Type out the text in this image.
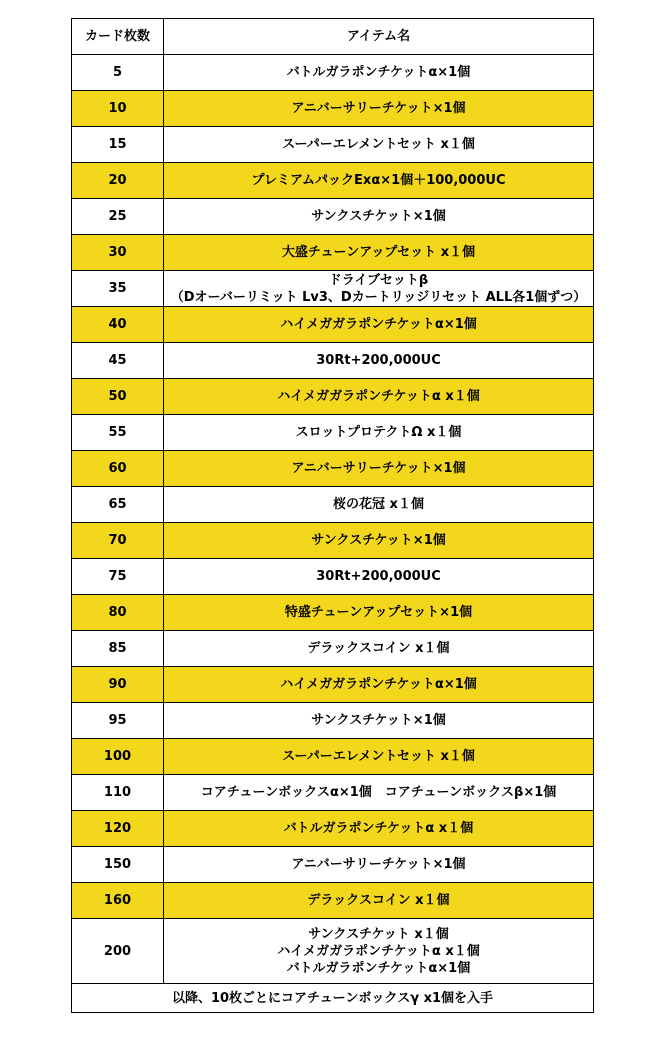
カード枚数	アイテム名
5	バトルガラポンチケットα×1個

10	アニバーサリーチケット×1個

15	スーパーエレメントセット x１個

20	プレミアムパックExα×1個＋100,000UC

25	サンクスチケット×1個

30	大盛チューンアップセット x１個

35	ドライブセットβ
（Dオーバーリミット Lv3、Dカートリッジリセット ALL各1個ずつ）

40	ハイメガガラポンチケットα×1個

45	30Rt+200,000UC

50	ハイメガガラポンチケットα x１個

55	スロットプロテクトΩ x１個

60	アニバーサリーチケット×1個

65	桜の花冠 x１個

70	サンクスチケット×1個

75	30Rt+200,000UC

80	特盛チューンアップセット×1個

85	デラックスコイン x１個

90	ハイメガガラポンチケットα×1個

95	サンクスチケット×1個

100	スーパーエレメントセット x１個

110	コアチューンボックスα×1個　コアチューンボックスβ×1個

120	バトルガラポンチケットα x１個

150	アニバーサリーチケット×1個

160	デラックスコイン x１個

200	サンクスチケット x１個
ハイメガガラポンチケットα x１個
バトルガラポンチケットα×1個

以降、10枚ごとにコアチューンボックスγ x1個を入手	
